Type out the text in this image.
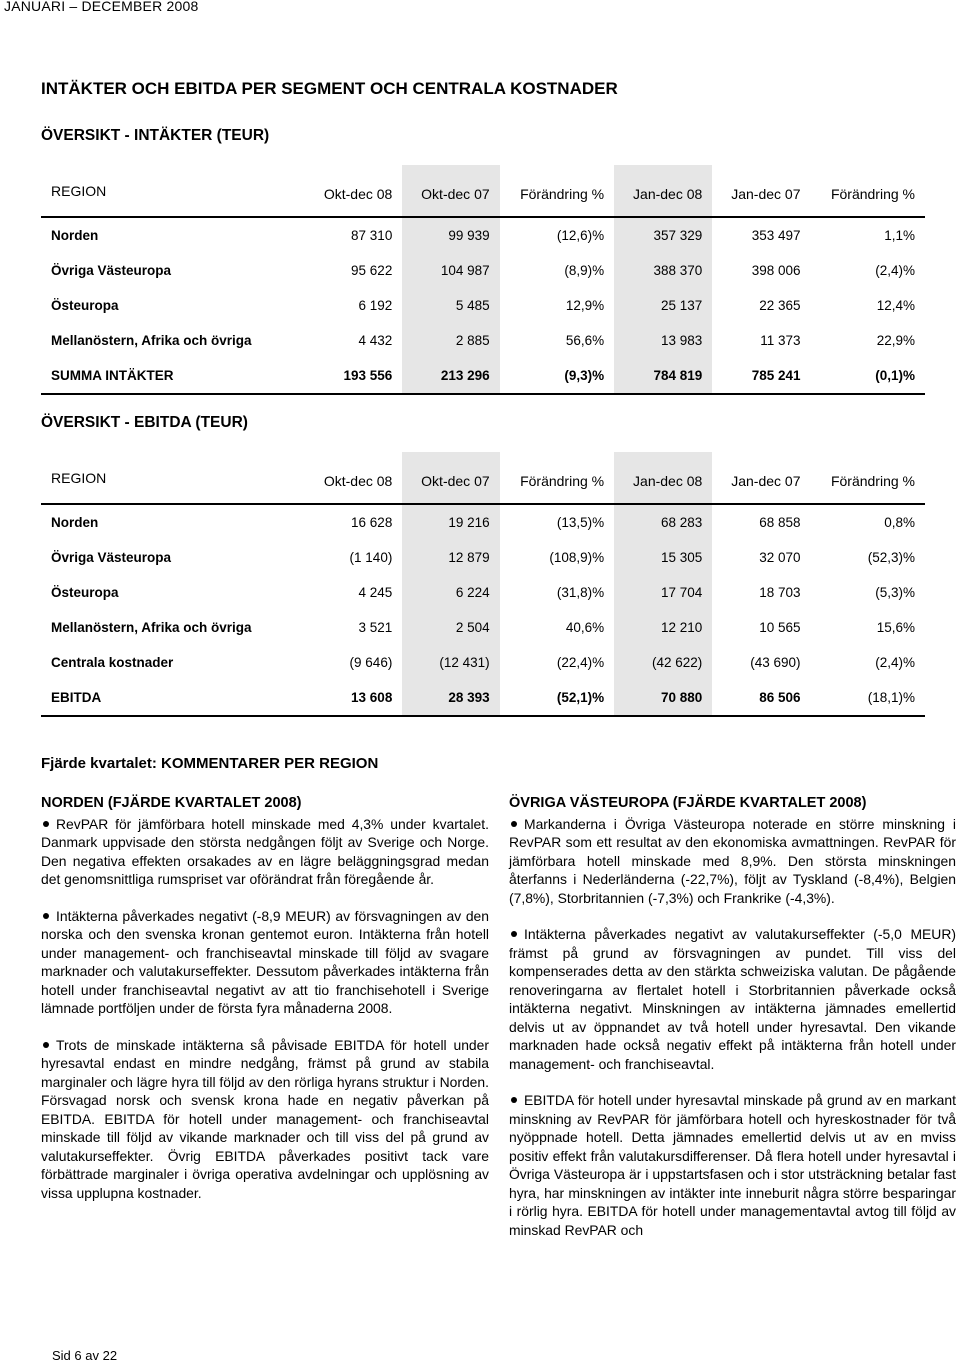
JANUARI – DECEMBER 2008
INTÄKTER OCH EBITDA PER SEGMENT OCH CENTRALA KOSTNADER
ÖVERSIKT - INTÄKTER (TEUR)
REGION	Okt-dec 08	Okt-dec 07	Förändring %	Jan-dec 08	Jan-dec 07	Förändring %
Norden	87 310	99 939	(12,6)%	357 329	353 497	1,1%
Övriga Västeuropa	95 622	104 987	(8,9)%	388 370	398 006	(2,4)%
Östeuropa	6 192	5 485	12,9%	25 137	22 365	12,4%
Mellanöstern, Afrika och övriga	4 432	2 885	56,6%	13 983	11 373	22,9%
SUMMA INTÄKTER	193 556	213 296	(9,3)%	784 819	785 241	(0,1)%
ÖVERSIKT - EBITDA (TEUR)
REGION	Okt-dec 08	Okt-dec 07	Förändring %	Jan-dec 08	Jan-dec 07	Förändring %
Norden	16 628	19 216	(13,5)%	68 283	68 858	0,8%
Övriga Västeuropa	(1 140)	12 879	(108,9)%	15 305	32 070	(52,3)%
Östeuropa	4 245	6 224	(31,8)%	17 704	18 703	(5,3)%
Mellanöstern, Afrika och övriga	3 521	2 504	40,6%	12 210	10 565	15,6%
Centrala kostnader	(9 646)	(12 431)	(22,4)%	(42 622)	(43 690)	(2,4)%
EBITDA	13 608	28 393	(52,1)%	70 880	86 506	(18,1)%
Fjärde kvartalet: KOMMENTARER PER REGION
NORDEN (FJÄRDE KVARTALET 2008)

RevPAR för jämförbara hotell minskade med 4,3% under kvartalet. Danmark uppvisade den största nedgången följt av Sverige och Norge. Den negativa effekten orsakades av en lägre beläggningsgrad medan det genomsnittliga rumspriset var oförändrat från föregående år.

Intäkterna påverkades negativt (-8,9 MEUR) av försvagningen av den norska och den svenska kronan gentemot euron. Intäkterna från hotell under management- och franchiseavtal minskade till följd av svagare marknader och valutakurseffekter. Dessutom påverkades intäkterna från hotell under franchiseavtal negativt av att tio franchisehotell i Sverige lämnade portföljen under de första fyra månaderna 2008.

Trots de minskade intäkterna så påvisade EBITDA för hotell under hyresavtal endast en mindre nedgång, främst på grund av stabila marginaler och lägre hyra till följd av den rörliga hyrans struktur i Norden. Försvagad norsk och svensk krona hade en negativ påverkan på EBITDA. EBITDA för hotell under management- och franchiseavtal minskade till följd av vikande marknader och till viss del på grund av valutakurseffekter. Övrig EBITDA påverkades positivt tack vare förbättrade marginaler i övriga operativa avdelningar och upplösning av vissa upplupna kostnader.

ÖVRIGA VÄSTEUROPA (FJÄRDE KVARTALET 2008)

Markanderna i Övriga Västeuropa noterade en större minskning i RevPAR som ett resultat av den ekonomiska avmattningen. RevPAR för jämförbara hotell minskade med 8,9%. Den största minskningen återfanns i Nederländerna (-22,7%), följt av Tyskland (-8,4%), Belgien (7,8%), Storbritannien (-7,3%) och Frankrike (-4,3%).

Intäkterna påverkades negativt av valutakurseffekter (-5,0 MEUR) främst på grund av försvagningen av pundet. Till viss del kompenserades detta av den stärkta schweiziska valutan. De pågående renoveringarna av flertalet hotell i Storbritannien påverkade också intäkterna negativt. Minskningen av intäkterna jämnades emellertid delvis ut av öppnandet av två hotell under hyresavtal. Den vikande marknaden hade också negativ effekt på intäkterna från hotell under management- och franchiseavtal.

EBITDA för hotell under hyresavtal minskade på grund av en markant minskning av RevPAR för jämförbara hotell och hyreskostnader för två nyöppnade hotell. Detta jämnades emellertid delvis ut av en mviss positiv effekt från valutakursdifferenser. Då flera hotell under hyresavtal i Övriga Västeuropa är i uppstartsfasen och i stor utsträckning betalar fast hyra, har minskningen av intäkter inte inneburit några större besparingar i rörlig hyra. EBITDA för hotell under managementavtal avtog till följd av minskad RevPAR och

Sid 6 av 22
